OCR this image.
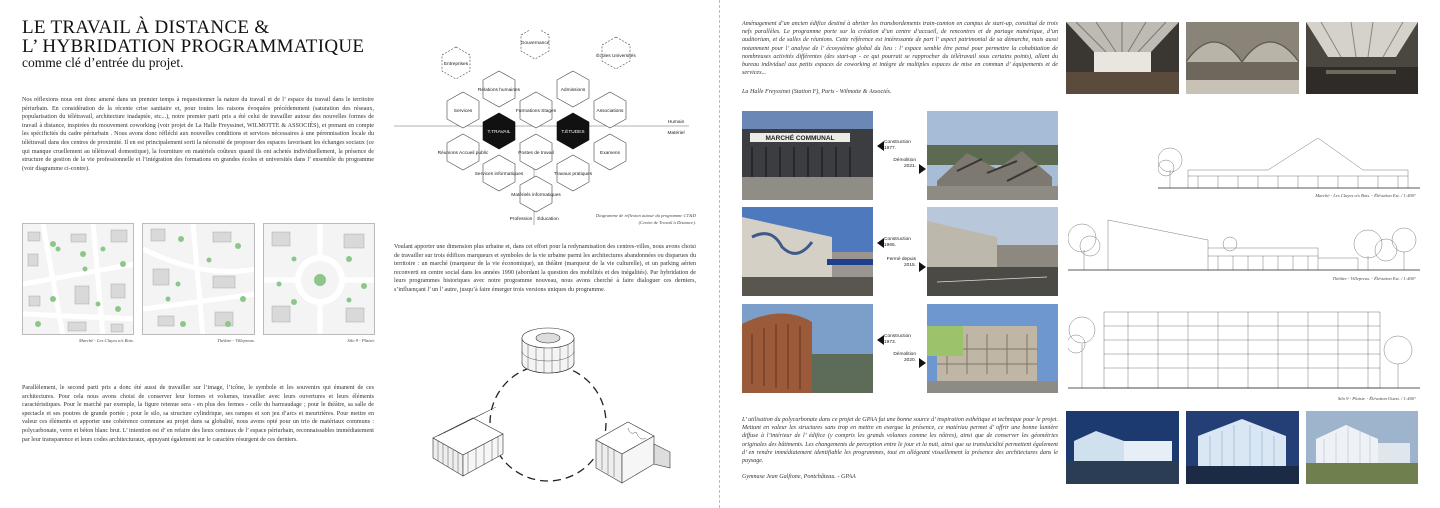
LE TRAVAIL À DISTANCE &
L’ HYBRIDATION PROGRAMMATIQUE
comme clé d’entrée du projet.
Nos réflexions nous ont donc amené dans un premier temps à requestionner la nature du travail et de l’ espace du travail dans le territoire périurbain. En considération de la récente crise sanitaire et, pour toutes les raisons évoquées précédemment (saturation des réseaux, popularisation du télétravail, architecture inadaptée, etc...), notre premier parti pris a été celui de travailler autour des nouvelles formes de travail à distance, inspirées du mouvement coworking (voir projet de La Halle Freyssinet, WILMOTTE & ASSOCIÉS), et prenant en compte les spécificités du cadre périurbain . Nous avons donc réfléchi aux nouvelles conditions et services nécessaires à une pérennisation locale du télétravail dans des centres de proximité. Il en est principalement sorti la nécessité de proposer des espaces favorisant les échanges sociaux (ce qui manque cruellement au télétravail domestique), la fourniture en matériels coûteux quand ils ont achetés individuellement, la présence de structure de gestion de la vie professionnelle et l’intégration des formations en grandes écoles et universités dans l’ ensemble du programme (voir diagramme ci-contre).
Marché - Les Clayes n/s Bois.	Théâtre - Villepreux.	Silo 9 - Plaisir.
Parallèlement, le second parti pris a donc été aussi de travailler sur l’image, l’icône, le symbole et les souvenirs qui émanent de ces architectures. Pour cela nous avons choisi de conserver leur formes et volumes, travailler avec leurs ouvertures et leurs éléments caractéristiques. Pour le marché par exemple, la figure retenue sera - en plus des fermes - celle du barreaudage ; pour le théâtre, sa salle de spectacle et ses poutres de grande portée ; pour le silo, sa structure cylindrique, ses rampes et son jeu d’arcs et meurtrières. Pour mettre en valeur ces éléments et apporter une cohérence commune au projet dans sa globalité, nous avons opté pour un trio de matériaux communs : polycarbonate, verre et béton blanc brut. L’ intention est d’ en refaire des lieux centraux de l’ espace périurbain, reconnaissables immédiatement par leur transparence et leurs codes architecturaux, appuyant également sur le caractère résurgent de ces derniers.
Entreprises
Gouvernance
Écoles Universités
Relations humaines	Admissions
Services	Formations Stages	Associations
T.TRAVAIL	T.ÉTUDES
Réunions Accueil public	Postes de travail	Examens
Services informatiques	Travaux pratiques
Matériels informatiques
Humain
Matériel
Profession Éducation
Diagramme de réflexion autour du programme CT&D
(Centre de Travail à Distance).
Voulant apporter une dimension plus urbaine et, dans cet effort pour la redynamisation des centres-villes, nous avons choisi de travailler sur trois édifices marqueurs et symboles de la vie urbaine parmi les architectures abandonnées ou disparues du territoire : un marché (marqueur de la vie économique), un théâtre (marqueur de la vie culturelle), et un parking aérien reconverti en centre social dans les années 1990 (abordant la question des mobilités et des inégalités). Par hybridation de leurs programmes historiques avec notre programme nouveau, nous avons cherché à faire dialoguer ces derniers, s’influençant l’ un l’ autre, jusqu’à faire émerger trois versions uniques du programme.
Aménagement d’un ancien édifice destiné à abriter les transbordements train-camion en campus de start-up, constitué de trois nefs parallèles. Le programme porte sur la création d’un centre d’accueil, de rencontres et de partage numérique, d’un auditorium, et de salles de réunions. Cette référence est intéressante de part l’ aspect patrimonial de sa démarche, mais aussi notamment pour l’ analyse de l’ écosystème global du lieu : l’ espace semble être pensé pour permettre la cohabitation de nombreuses activités différentes (des start-up - ce qui pourrait se rapprocher du télétravail sous certains points), allant du bureau individuel aux petits espaces de coworking et intègre de multiples espaces de mise en commun d’ équipements et de services...
La Halle Freyssinet (Station F), Paris - Wilmotte & Associés.
MARCHÉ COMMUNAL
Construction
1977.
Démolition
2021.
Construction
1965.
Fermé depuis
2015.
Construction
1973.
Démolition
2020.
Marché - Les Clayes n/s Bois. - Élévation Est. / 1:400°
Théâtre - Villepreux. - Élévation Est. / 1:400°
Silo 9 - Plaisir. - Élévation Ouest. / 1:400°
L’ utilisation du polycarbonate dans ce projet de GPAA fut une bonne source d’ inspiration esthétique et technique pour le projet. Mettant en valeur les structures sans trop en mettre en exergue la présence, ce matériau permet d’ offrir une bonne lumière diffuse à l’intérieur de l’ édifice (y compris les grands volumes comme les nôtres), ainsi que de conserver les géométries originales des bâtiments. Les changements de perception entre le jour et la nuit, ainsi que sa translucidité permettent également d’ en rendre immédiatement identifiable les programmes, tout en allégeant visuellement la présence des architectures dans le paysage.
Gymnase Jean Galfione, Pontchâteau. - GPAA
